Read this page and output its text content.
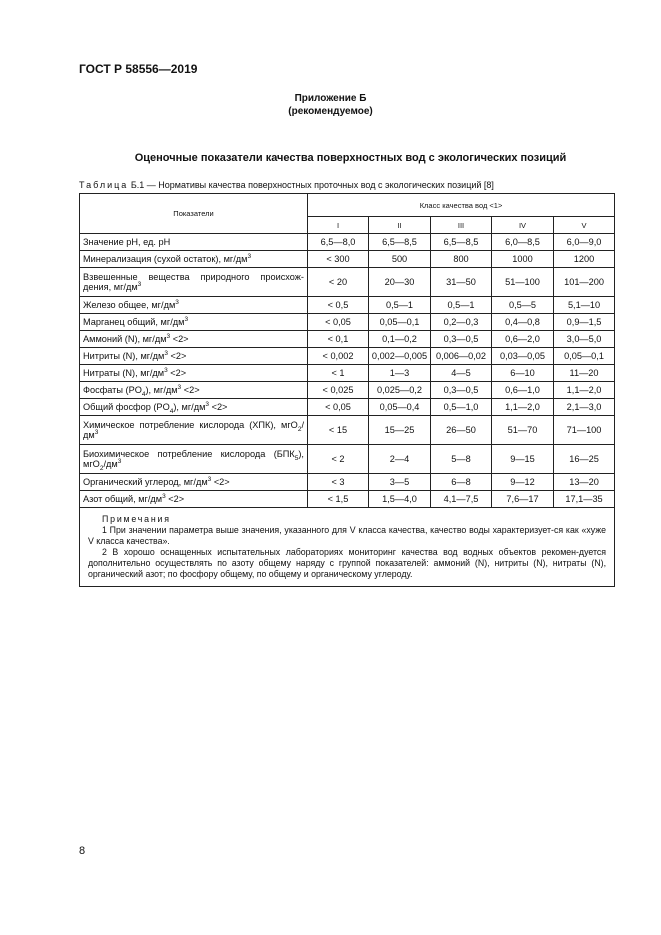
ГОСТ Р 58556—2019
Приложение Б
(рекомендуемое)
Оценочные показатели качества поверхностных вод с экологических позиций
Таблица Б.1 — Нормативы качества поверхностных проточных вод с экологических позиций [8]
Показатели	Класс качества вод <1>				
	I	II	III	IV	V
Значение pH, ед. pH	6,5—8,0	6,5—8,5	6,5—8,5	6,0—8,5	6,0—9,0
Минерализация (сухой остаток), $мг/дм^3$	< 300	500	800	1000	1200
Взвешенные вещества природного происхож-дения, $мг/дм^3$	< 20	20—30	31—50	51—100	101—200
Железо общее, $мг/дм^3$	< 0,5	0,5—1	0,5—1	0,5—5	5,1—10
Марганец общий, $мг/дм^3$	< 0,05	0,05—0,1	0,2—0,3	0,4—0,8	0,9—1,5
Аммоний (N), $мг/дм^3 <2>$	< 0,1	0,1—0,2	0,3—0,5	0,6—2,0	3,0—5,0
Нитриты (N), $мг/дм^3 <2>$	< 0,002	0,002—0,005	0,006—0,02	0,03—0,05	0,05—0,1
Нитраты (N), $мг/дм^3 <2>$	< 1	1—3	4—5	6—10	11—20
Фосфаты $(PO_4)$, $мг/дм^3 <2>$	< 0,025	0,025—0,2	0,3—0,5	0,6—1,0	1,1—2,0
Общий фосфор $(PO_4)$, $мг/дм^3 <2>$	< 0,05	0,05—0,4	0,5—1,0	1,1—2,0	2,1—3,0
Химическое потребление кислорода (ХПК), $мгO_2/дм^3$	< 15	15—25	26—50	51—70	71—100
Биохимическое потребление кислорода $(БПК_5)$, $мгO_2/дм^3$	< 2	2—4	5—8	9—15	16—25
Органический углерод, $мг/дм^3 <2>$	< 3	3—5	6—8	9—12	13—20
Азот общий, $мг/дм^3 <2>$	< 1,5	1,5—4,0	4,1—7,5	7,6—17	17,1—35

Примечания

1 При значении параметра выше значения, указанного для V класса качества, качество воды характеризует-ся как «хуже V класса качества».

2 В хорошо оснащенных испытательных лабораториях мониторинг качества вод водных объектов рекомен-дуется дополнительно осуществлять по азоту общему наряду с группой показателей: аммоний (N), нитриты (N), нитраты (N), органический азот; по фосфору общему, по общему и органическому углероду.					

8
